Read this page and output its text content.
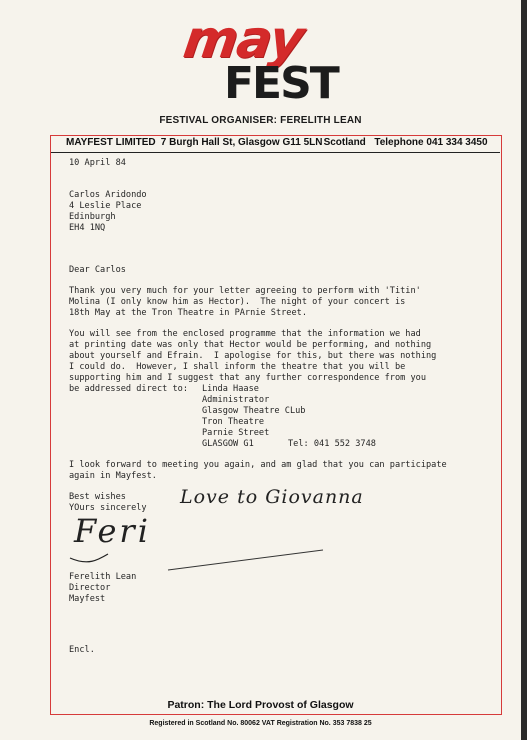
may
FEST
FESTIVAL ORGANISER: FERELITH LEAN
MAYFEST LIMITED 7 Burgh Hall St, Glasgow G11 5LN Scotland Telephone 041 334 3450
10 April 84
Carlos Aridondo
4 Leslie Place
Edinburgh
EH4 1NQ
Dear Carlos
Thank you very much for your letter agreeing to perform with 'Titin'
Molina (I only know him as Hector).  The night of your concert is
18th May at the Tron Theatre in PArnie Street.
You will see from the enclosed programme that the information we had
at printing date was only that Hector would be performing, and nothing
about yourself and Efrain.  I apologise for this, but there was nothing
I could do.  However, I shall inform the theatre that you will be
supporting him and I suggest that any further correspondence from you
be addressed direct to: Linda Haase
Administrator
Glasgow Theatre CLub
Tron Theatre
Parnie Street
GLASGOW G1	Tel: 041 552 3748
I look forward to meeting you again, and am glad that you can participate
again in Mayfest.
Best wishes
YOurs sincerely Love to Giovanna
Feri
Ferelith Lean
Director
Mayfest
Encl.
Patron: The Lord Provost of Glasgow
Registered in Scotland No. 80062 VAT Registration No. 353 7838 25
